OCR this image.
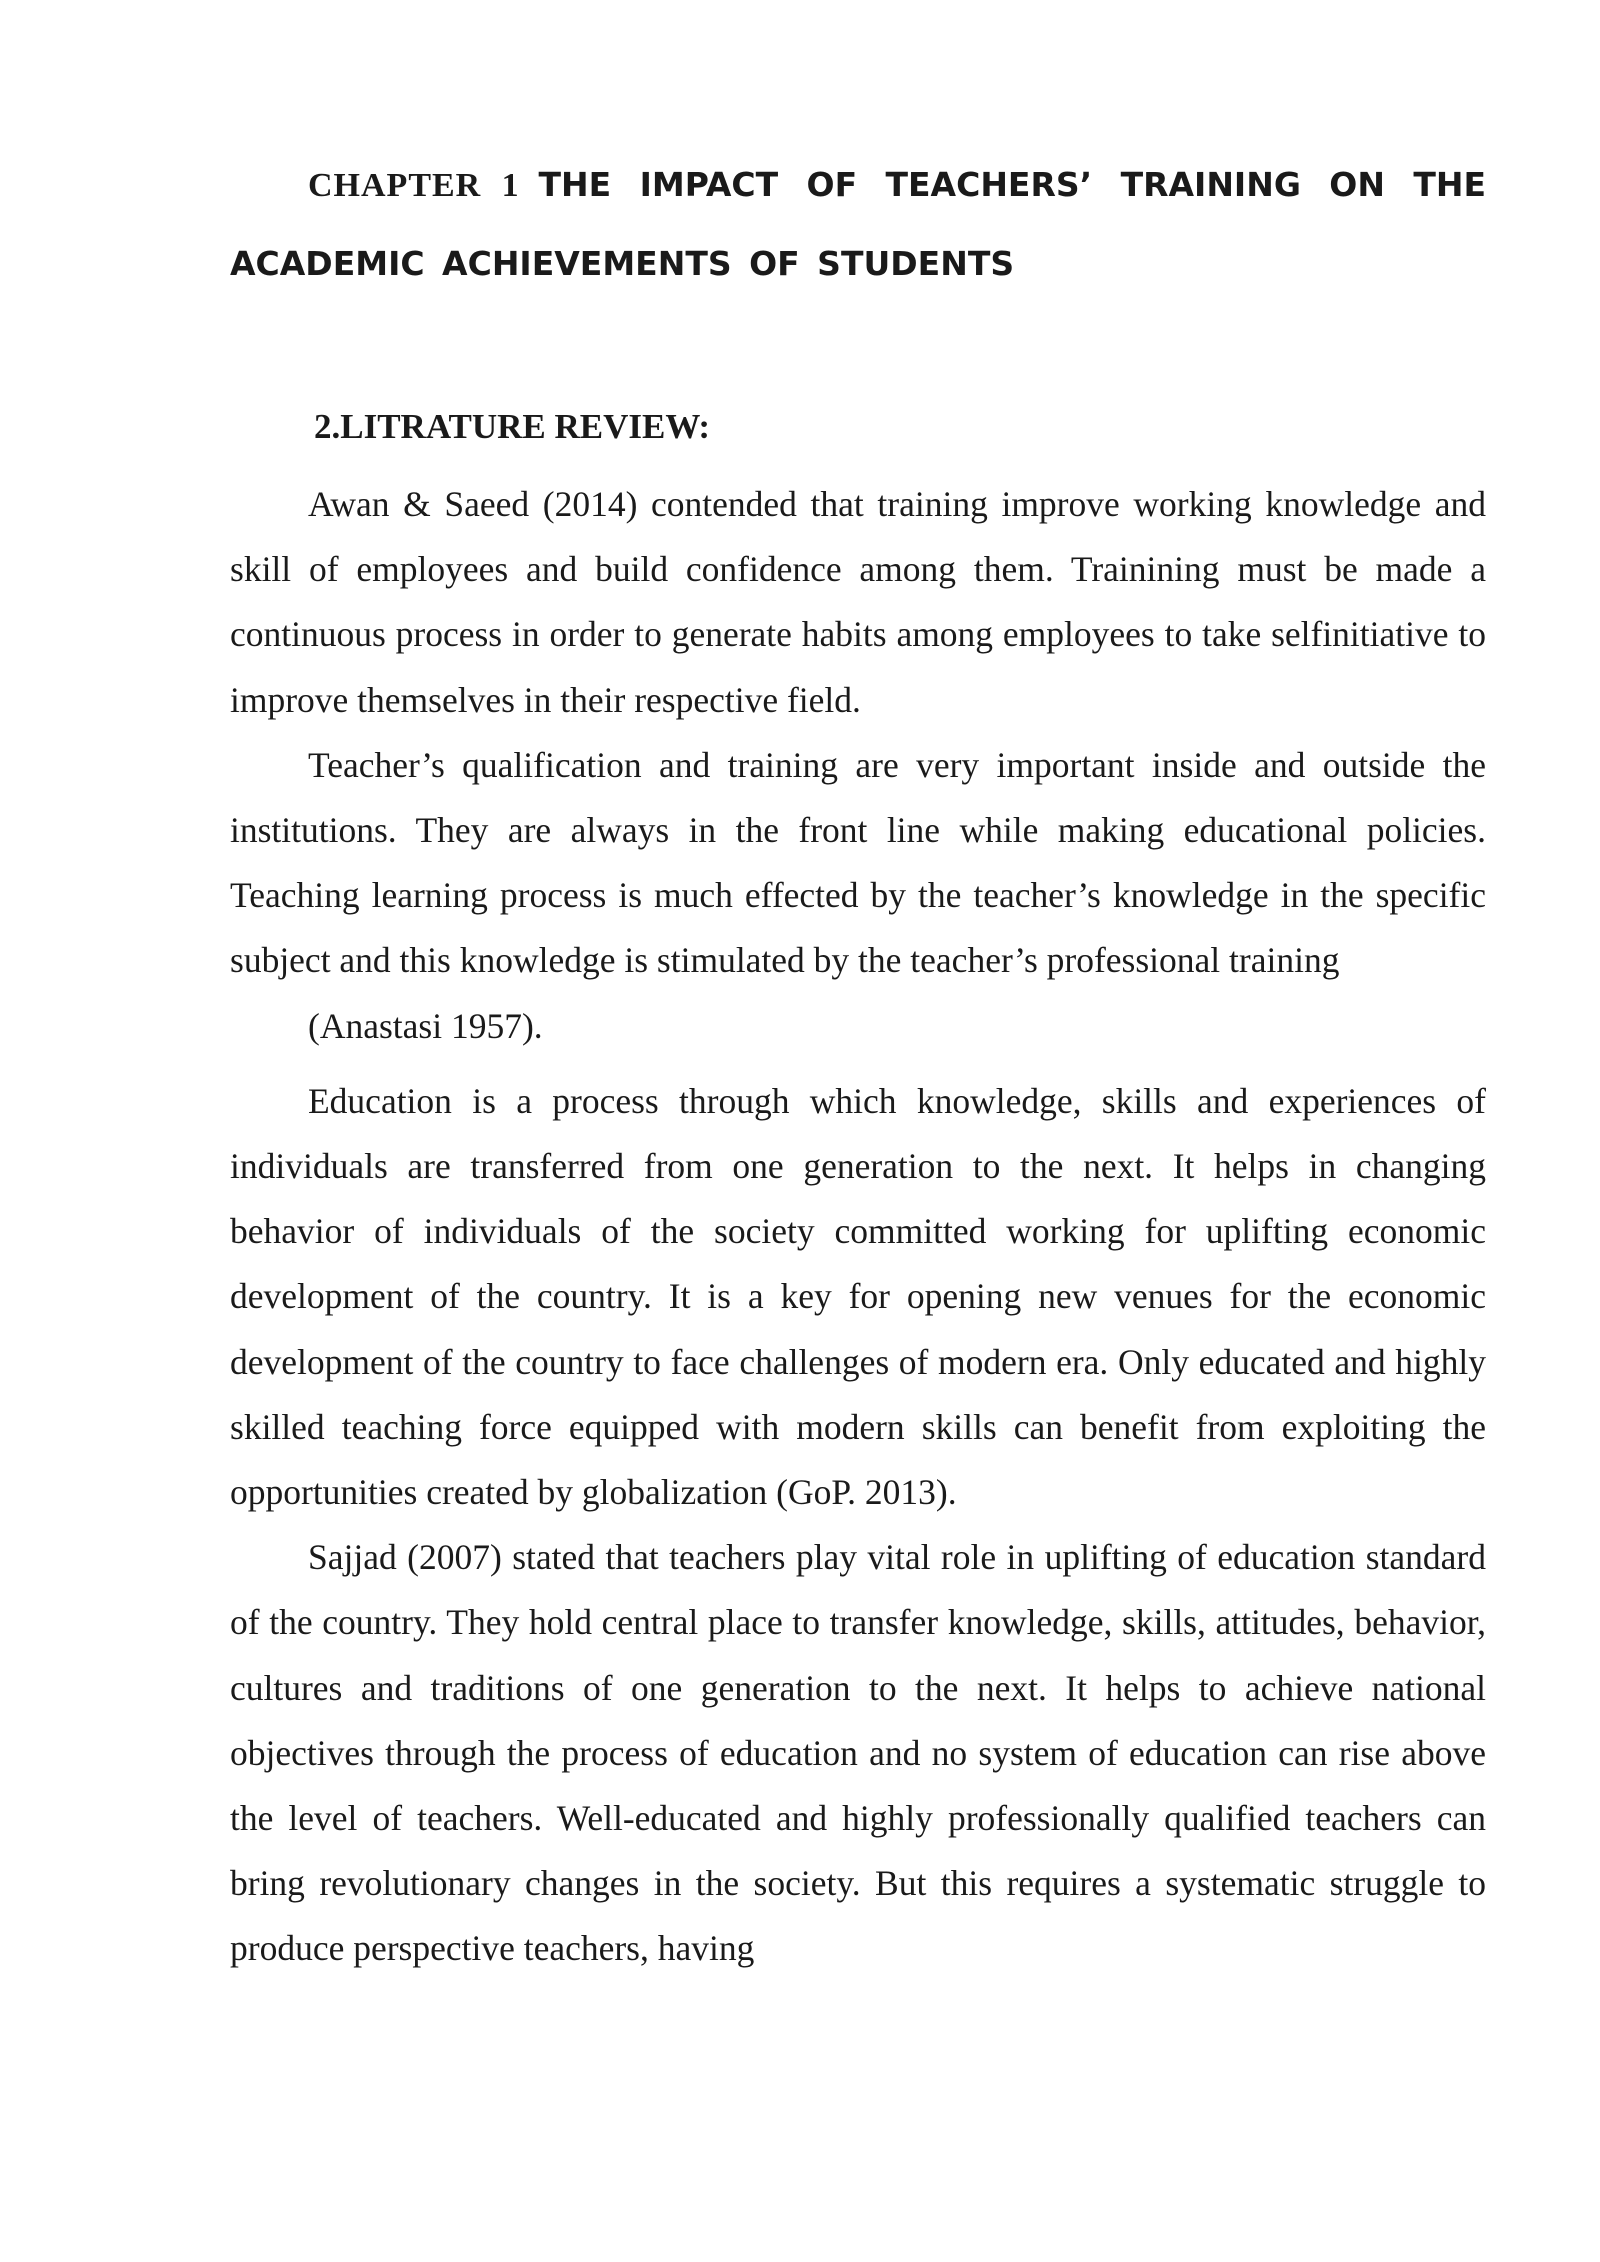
CHAPTER 1 THE IMPACT OF TEACHERS’ TRAINING ON THE ACADEMIC ACHIEVEMENTS OF STUDENTS
2.LITRATURE REVIEW:

Awan & Saeed (2014) contended that training improve working knowledge and skill of employees and build confidence among them. Trainining must be made a continuous process in order to generate habits among employees to take selfinitiative to improve themselves in their respective field.

Teacher’s qualification and training are very important inside and outside the institutions. They are always in the front line while making educational policies. Teaching learning process is much effected by the teacher’s knowledge in the specific subject and this knowledge is stimulated by the teacher’s professional training

(Anastasi 1957).

Education is a process through which knowledge, skills and experiences of individuals are transferred from one generation to the next. It helps in changing behavior of individuals of the society committed working for uplifting economic development of the country. It is a key for opening new venues for the economic development of the country to face challenges of modern era. Only educated and highly skilled teaching force equipped with modern skills can benefit from exploiting the opportunities created by globalization (GoP. 2013).

Sajjad (2007) stated that teachers play vital role in uplifting of education standard of the country. They hold central place to transfer knowledge, skills, attitudes, behavior, cultures and traditions of one generation to the next. It helps to achieve national objectives through the process of education and no system of education can rise above the level of teachers. Well-educated and highly professionally qualified teachers can bring revolutionary changes in the society. But this requires a systematic struggle to produce perspective teachers, having
